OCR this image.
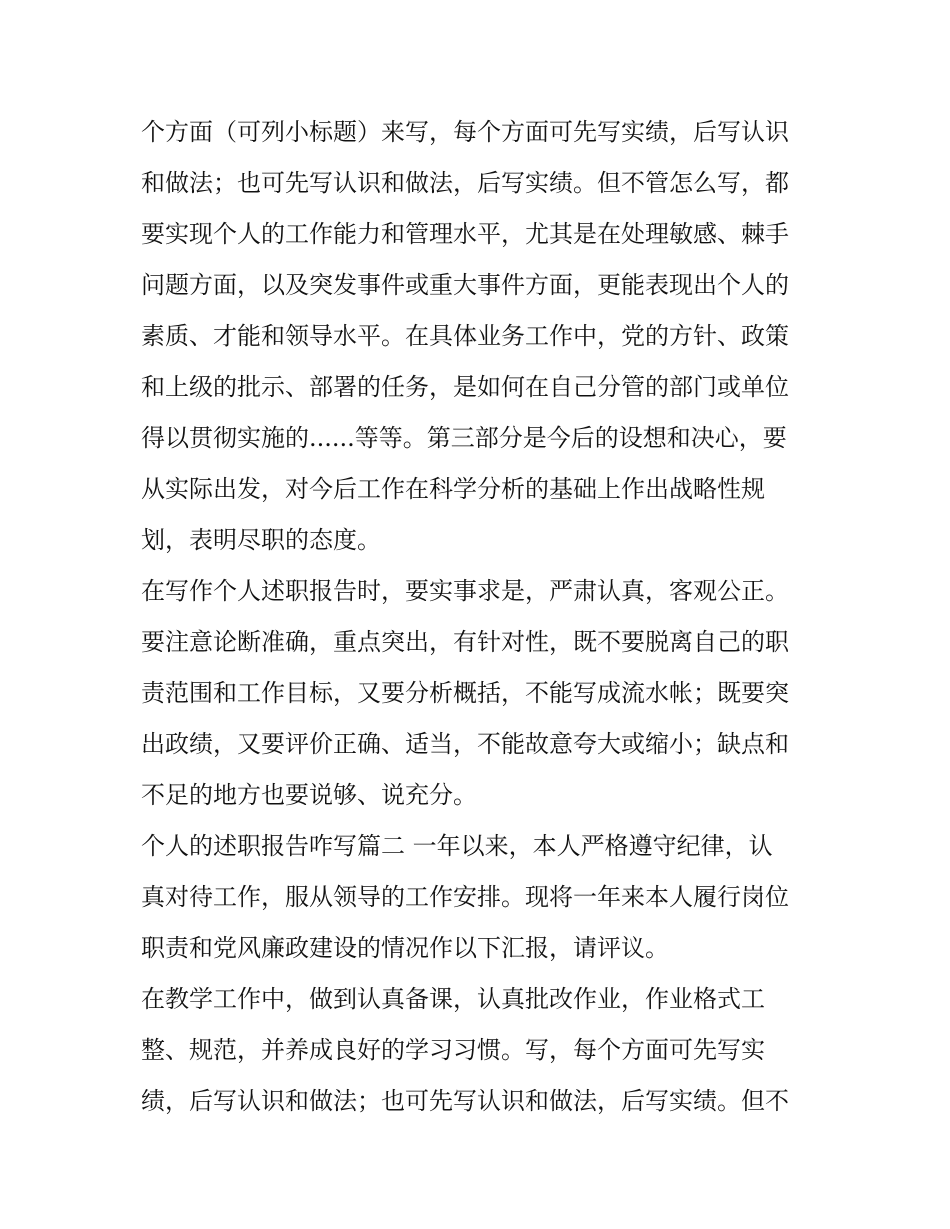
个方面（可列小标题）来写，每个方面可先写实绩，后写认识
和做法；也可先写认识和做法，后写实绩。但不管怎么写，都
要实现个人的工作能力和管理水平，尤其是在处理敏感、棘手
问题方面，以及突发事件或重大事件方面，更能表现出个人的
素质、才能和领导水平。在具体业务工作中，党的方针、政策
和上级的批示、部署的任务，是如何在自己分管的部门或单位
得以贯彻实施的......等等。第三部分是今后的设想和决心，要
从实际出发，对今后工作在科学分析的基础上作出战略性规
划，表明尽职的态度。
在写作个人述职报告时，要实事求是，严肃认真，客观公正。
要注意论断准确，重点突出，有针对性，既不要脱离自己的职
责范围和工作目标，又要分析概括，不能写成流水帐；既要突
出政绩，又要评价正确、适当，不能故意夸大或缩小；缺点和
不足的地方也要说够、说充分。
个人的述职报告咋写篇二 一年以来，本人严格遵守纪律，认
真对待工作，服从领导的工作安排。现将一年来本人履行岗位
职责和党风廉政建设的情况作以下汇报，请评议。
在教学工作中，做到认真备课，认真批改作业，作业格式工
整、规范，并养成良好的学习习惯。写，每个方面可先写实
绩，后写认识和做法；也可先写认识和做法，后写实绩。但不
